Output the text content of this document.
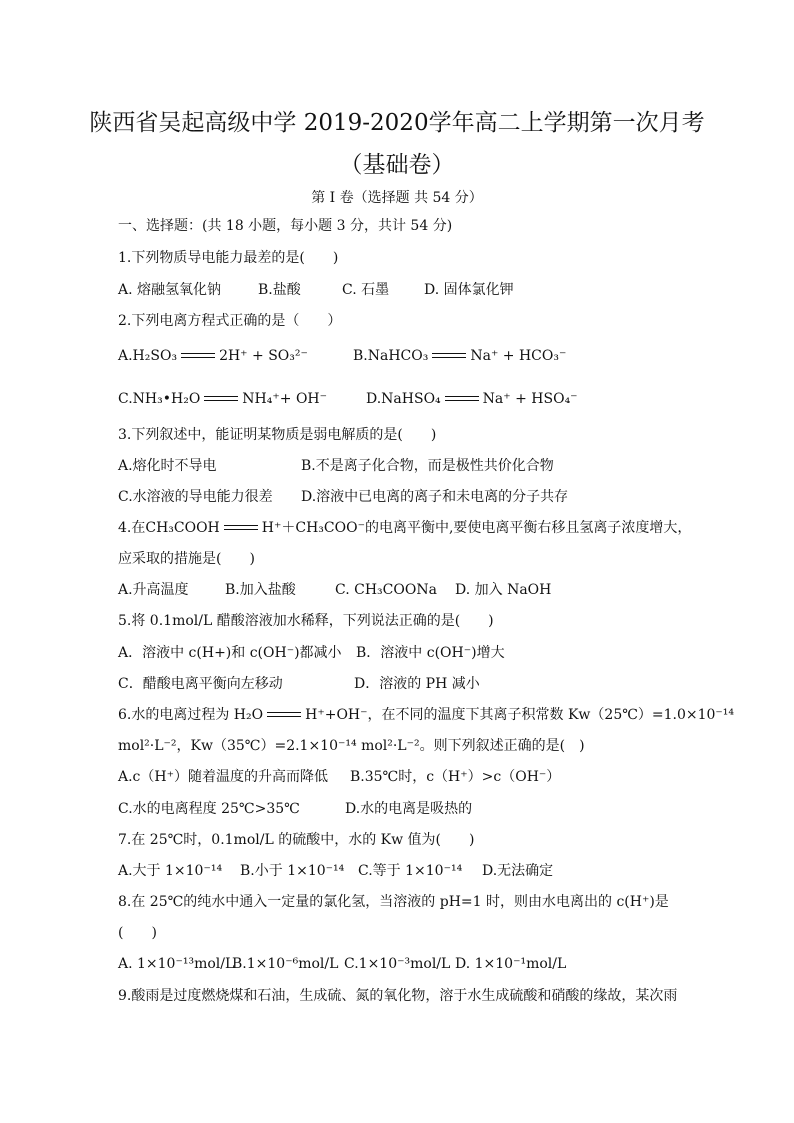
陕西省吴起高级中学 2019-2020学年高二上学期第一次月考
（基础卷）
第 I 卷（选择题 共 54 分）
一、选择题：(共 18 小题，每小题 3 分，共计 54 分)
1.下列物质导电能力最差的是(　　)
A. 熔融氢氧化钠	B.盐酸	C. 石墨 D. 固体氯化钾
2.下列电离方程式正确的是（　　）
A.H₂SO₃	2H⁺ + SO₃²⁻	B.NaHCO₃	Na⁺ + HCO₃⁻
C.NH₃•H₂O	NH₄⁺+ OH⁻	D.NaHSO₄	Na⁺ + HSO₄⁻
3.下列叙述中，能证明某物质是弱电解质的是(　　)
A.熔化时不导电	B.不是离子化合物，而是极性共价化合物
C.水溶液的导电能力很差 D.溶液中已电离的离子和未电离的分子共存
4.在CH₃COOH	H⁺＋CH₃COO⁻的电离平衡中,要使电离平衡右移且氢离子浓度增大，
应采取的措施是(　　)
A.升高温度	B.加入盐酸	C. CH₃COONa D. 加入 NaOH
5.将 0.1mol/L 醋酸溶液加水稀释，下列说法正确的是(　　)
A．溶液中 c(H+)和 c(OH⁻)都减小 B．溶液中 c(OH⁻)增大
C．醋酸电离平衡向左移动	D．溶液的 PH 减小
6.水的电离过程为 H₂O	H⁺+OH⁻，在不同的温度下其离子积常数 Kw（25℃）=1.0×10⁻¹⁴
mol²·L⁻²，Kw（35℃）=2.1×10⁻¹⁴ mol²·L⁻²。则下列叙述正确的是(　)
A.c（H⁺）随着温度的升高而降低 B.35℃时，c（H⁺）>c（OH⁻）
C.水的电离程度 25℃>35℃	D.水的电离是吸热的
7.在 25℃时，0.1mol/L 的硫酸中，水的 Kw 值为(　　)
A.大于 1×10⁻¹⁴ B.小于 1×10⁻¹⁴ C.等于 1×10⁻¹⁴ D.无法确定
8.在 25℃的纯水中通入一定量的氯化氢，当溶液的 pH=1 时，则由水电离出的 c(H⁺)是
(　　)
A. 1×10⁻¹³mol/L
B.1×10⁻⁶mol/L C.1×10⁻³mol/L D. 1×10⁻¹mol/L
9.酸雨是过度燃烧煤和石油，生成硫、氮的氧化物，溶于水生成硫酸和硝酸的缘故，某次雨
